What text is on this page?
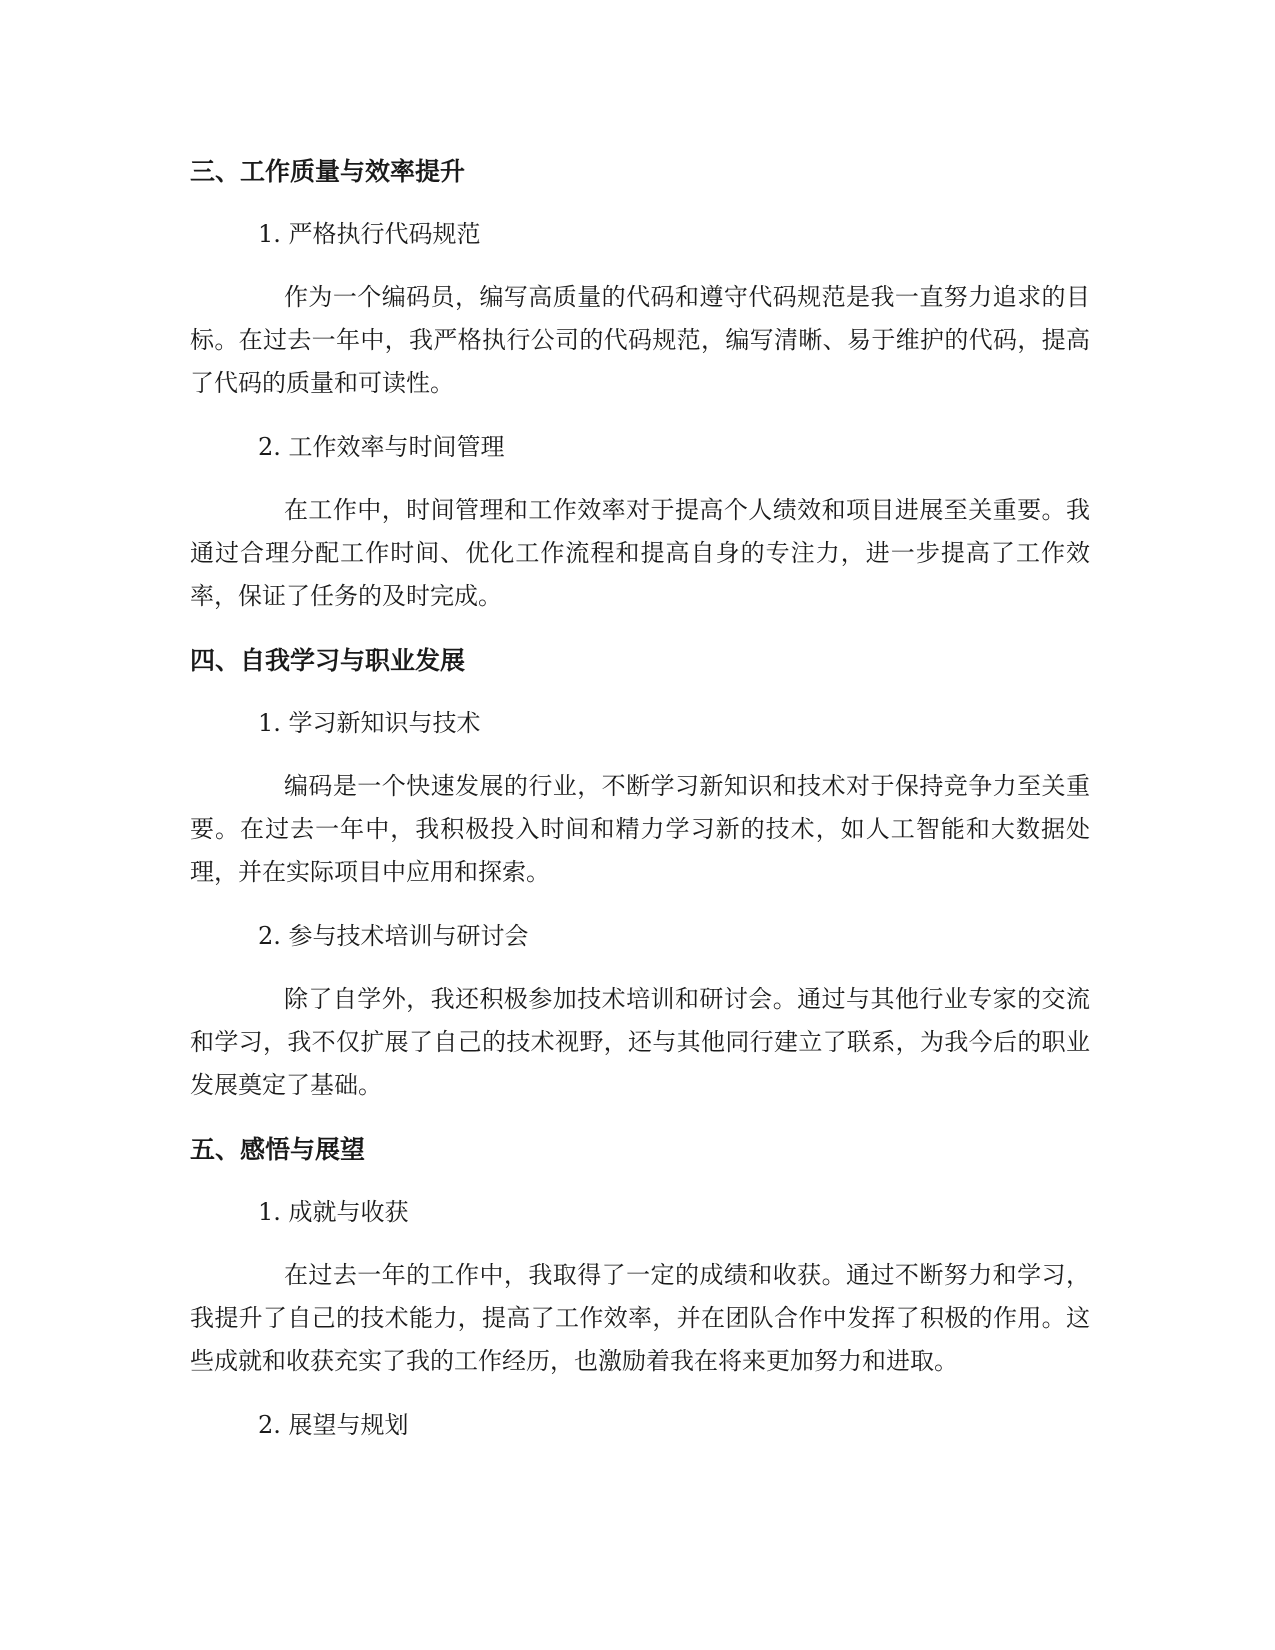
三、工作质量与效率提升

1. 严格执行代码规范

作为一个编码员，编写高质量的代码和遵守代码规范是我一直努力追求的目标。在过去一年中，我严格执行公司的代码规范，编写清晰、易于维护的代码，提高了代码的质量和可读性。

2. 工作效率与时间管理

在工作中，时间管理和工作效率对于提高个人绩效和项目进展至关重要。我通过合理分配工作时间、优化工作流程和提高自身的专注力，进一步提高了工作效率，保证了任务的及时完成。

四、自我学习与职业发展

1. 学习新知识与技术

编码是一个快速发展的行业，不断学习新知识和技术对于保持竞争力至关重要。在过去一年中，我积极投入时间和精力学习新的技术，如人工智能和大数据处理，并在实际项目中应用和探索。

2. 参与技术培训与研讨会

除了自学外，我还积极参加技术培训和研讨会。通过与其他行业专家的交流和学习，我不仅扩展了自己的技术视野，还与其他同行建立了联系，为我今后的职业发展奠定了基础。

五、感悟与展望

1. 成就与收获

在过去一年的工作中，我取得了一定的成绩和收获。通过不断努力和学习，我提升了自己的技术能力，提高了工作效率，并在团队合作中发挥了积极的作用。这些成就和收获充实了我的工作经历，也激励着我在将来更加努力和进取。

2. 展望与规划
